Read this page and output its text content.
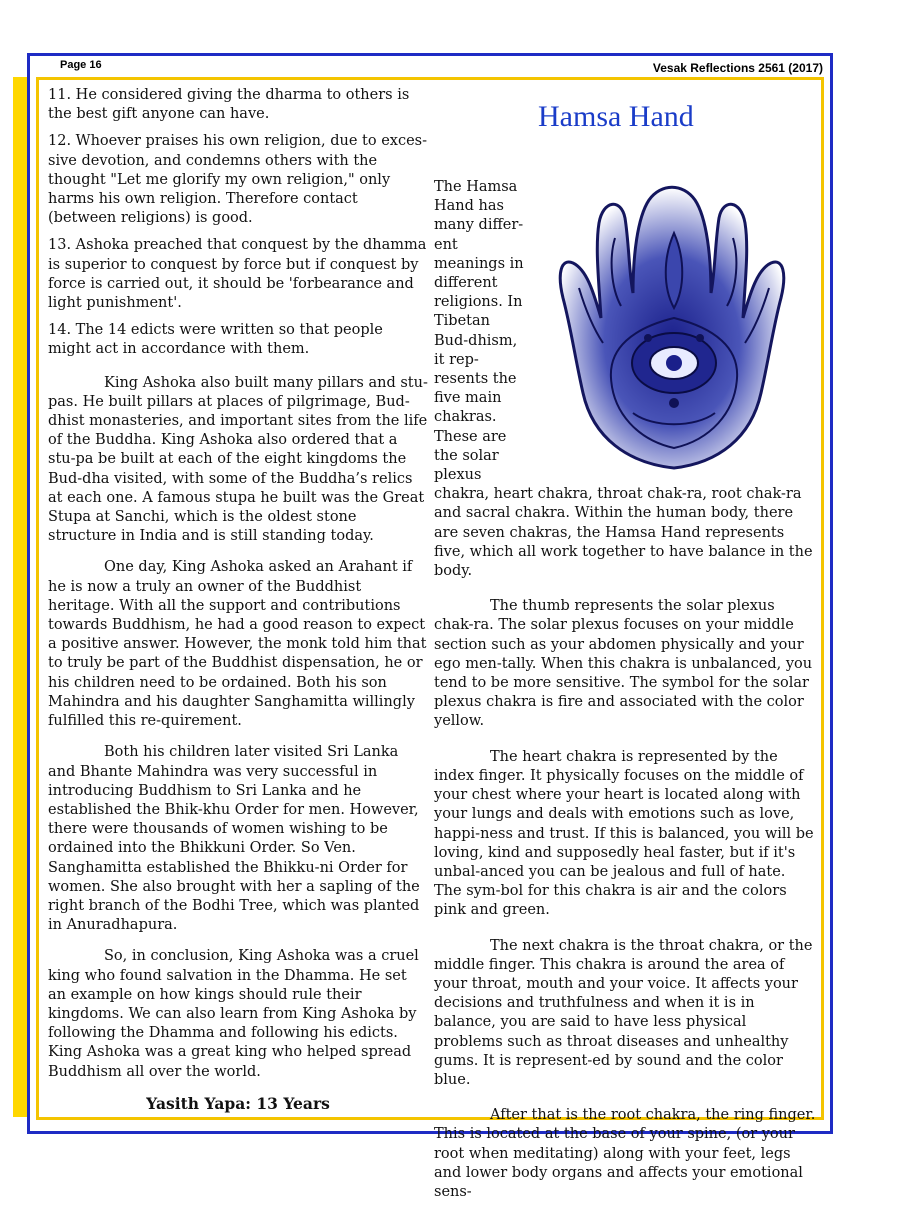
Page 16	Vesak Reflections 2561 (2017)

11. He considered giving the dharma to others is the best gift anyone can have.

12. Whoever praises his own religion, due to exces-sive devotion, and condemns others with the thought "Let me glorify my own religion," only harms his own religion. Therefore contact (between religions) is good.

13. Ashoka preached that conquest by the dhamma is superior to conquest by force but if conquest by force is carried out, it should be 'forbearance and light punishment'.

14. The 14 edicts were written so that people might act in accordance with them.

King Ashoka also built many pillars and stu-pas. He built pillars at places of pilgrimage, Bud-dhist monasteries, and important sites from the life of the Buddha. King Ashoka also ordered that a stu-pa be built at each of the eight kingdoms the Bud-dha visited, with some of the Buddha’s relics at each one. A famous stupa he built was the Great Stupa at Sanchi, which is the oldest stone structure in India and is still standing today.

One day, King Ashoka asked an Arahant if he is now a truly an owner of the Buddhist heritage. With all the support and contributions towards Buddhism, he had a good reason to expect a positive answer. However, the monk told him that to truly be part of the Buddhist dispensation, he or his children need to be ordained. Both his son Mahindra and his daughter Sanghamitta willingly fulfilled this re-quirement.

Both his children later visited Sri Lanka and Bhante Mahindra was very successful in introducing Buddhism to Sri Lanka and he established the Bhik-khu Order for men. However, there were thousands of women wishing to be ordained into the Bhikkuni Order. So Ven. Sanghamitta established the Bhikku-ni Order for women. She also brought with her a sapling of the right branch of the Bodhi Tree, which was planted in Anuradhapura.

So, in conclusion, King Ashoka was a cruel king who found salvation in the Dhamma. He set an example on how kings should rule their kingdoms. We can also learn from King Ashoka by following the Dhamma and following his edicts. King Ashoka was a great king who helped spread Buddhism all over the world.

Yasith Yapa: 13 Years
Hamsa Hand

The Hamsa Hand has many differ-ent meanings in different religions. In Tibetan Bud-dhism, it rep-resents the five main chakras. These are the solar plexus chakra, heart chakra, throat chak-ra, root chak-ra and sacral chakra. Within the human body, there are seven chakras, the Hamsa Hand represents five, which all work together to have balance in the body.

The thumb represents the solar plexus chak-ra. The solar plexus focuses on your middle section such as your abdomen physically and your ego men-tally. When this chakra is unbalanced, you tend to be more sensitive. The symbol for the solar plexus chakra is fire and associated with the color yellow.

The heart chakra is represented by the index finger. It physically focuses on the middle of your chest where your heart is located along with your lungs and deals with emotions such as love, happi-ness and trust. If this is balanced, you will be loving, kind and supposedly heal faster, but if it's unbal-anced you can be jealous and full of hate. The sym-bol for this chakra is air and the colors pink and green.

The next chakra is the throat chakra, or the middle finger. This chakra is around the area of your throat, mouth and your voice. It affects your decisions and truthfulness and when it is in balance, you are said to have less physical problems such as throat diseases and unhealthy gums. It is represent-ed by sound and the color blue.

After that is the root chakra, the ring finger. This is located at the base of your spine, (or your root when meditating) along with your feet, legs and lower body organs and affects your emotional sens-
